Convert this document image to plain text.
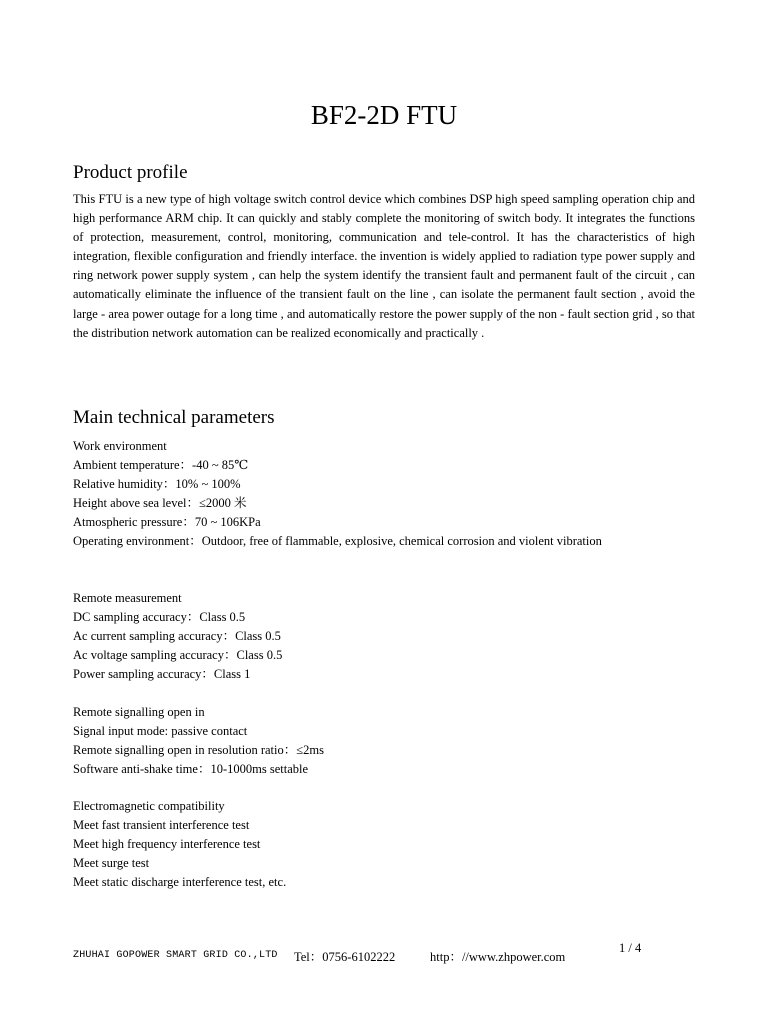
BF2-2D FTU
Product profile

This FTU is a new type of high voltage switch control device which combines DSP high speed sampling operation chip and high performance ARM chip. It can quickly and stably complete the monitoring of switch body. It integrates the functions of protection, measurement, control, monitoring, communication and tele-control. It has the characteristics of high integration, flexible configuration and friendly interface. the invention is widely applied to radiation type power supply and ring network power supply system , can help the system identify the transient fault and permanent fault of the circuit , can automatically eliminate the influence of the transient fault on the line , can isolate the permanent fault section , avoid the large - area power outage for a long time , and automatically restore the power supply of the non - fault section grid , so that the distribution network automation can be realized economically and practically .

Main technical parameters
Work environment
Ambient temperature：-40 ~ 85℃
Relative humidity：10% ~ 100%
Height above sea level：≤2000 米
Atmospheric pressure：70 ~ 106KPa
Operating environment：Outdoor, free of flammable, explosive, chemical corrosion and violent vibration
Remote measurement
DC sampling accuracy：Class 0.5
Ac current sampling accuracy：Class 0.5
Ac voltage sampling accuracy：Class 0.5
Power sampling accuracy：Class 1
Remote signalling open in
Signal input mode: passive contact
Remote signalling open in resolution ratio：≤2ms
Software anti-shake time：10-1000ms settable
Electromagnetic compatibility
Meet fast transient interference test
Meet high frequency interference test
Meet surge test
Meet static discharge interference test, etc.
ZHUHAI GOPOWER SMART GRID CO.,LTD Tel：0756-6102222	http：//www.zhpower.com
1 / 4
